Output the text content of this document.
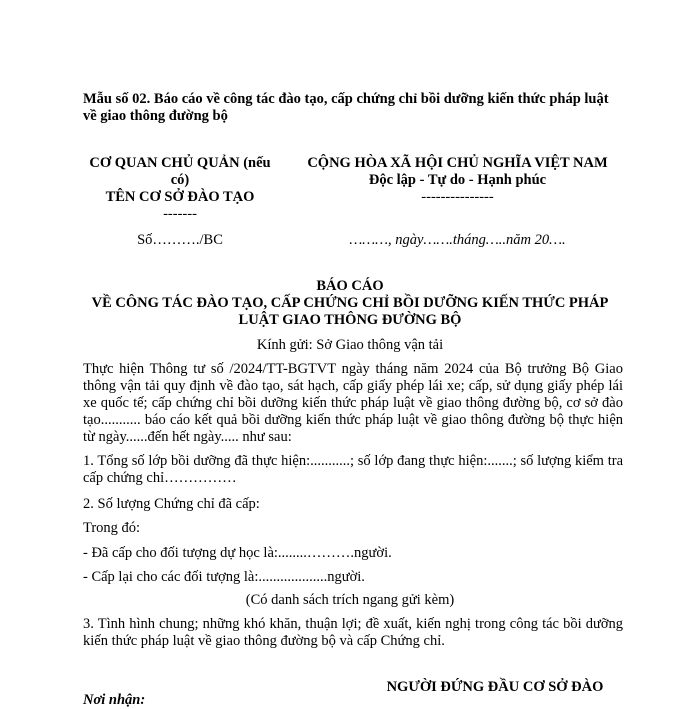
Mẫu số 02. Báo cáo về công tác đào tạo, cấp chứng chỉ bồi dưỡng kiến thức pháp luật về giao thông đường bộ
CƠ QUAN CHỦ QUẢN (nếu
có)
TÊN CƠ SỞ ĐÀO TẠO
-------
CỘNG HÒA XÃ HỘI CHỦ NGHĨA VIỆT NAM
Độc lập - Tự do - Hạnh phúc
---------------
Số………./BC	………, ngày…….tháng…..năm 20….
BÁO CÁO
VỀ CÔNG TÁC ĐÀO TẠO, CẤP CHỨNG CHỈ BỒI DƯỠNG KIẾN THỨC PHÁP
LUẬT GIAO THÔNG ĐƯỜNG BỘ
Kính gửi: Sở Giao thông vận tải
Thực hiện Thông tư số /2024/TT-BGTVT ngày tháng năm 2024 của Bộ trưởng Bộ Giao thông vận tải quy định về đào tạo, sát hạch, cấp giấy phép lái xe; cấp, sử dụng giấy phép lái xe quốc tế; cấp chứng chỉ bồi dưỡng kiến thức pháp luật về giao thông đường bộ, cơ sở đào tạo........... báo cáo kết quả bồi dưỡng kiến thức pháp luật về giao thông đường bộ thực hiện từ ngày......đến hết ngày..... như sau:
1. Tổng số lớp bồi dưỡng đã thực hiện:...........; số lớp đang thực hiện:.......; số lượng kiểm tra cấp chứng chỉ……………
2. Số lượng Chứng chỉ đã cấp:
Trong đó:
- Đã cấp cho đối tượng dự học là:........……….người.
- Cấp lại cho các đối tượng là:...................người.
(Có danh sách trích ngang gửi kèm)
3. Tình hình chung; những khó khăn, thuận lợi; đề xuất, kiến nghị trong công tác bồi dưỡng kiến thức pháp luật về giao thông đường bộ và cấp Chứng chỉ.
Nơi nhận:
NGƯỜI ĐỨNG ĐẦU CƠ SỞ ĐÀO
